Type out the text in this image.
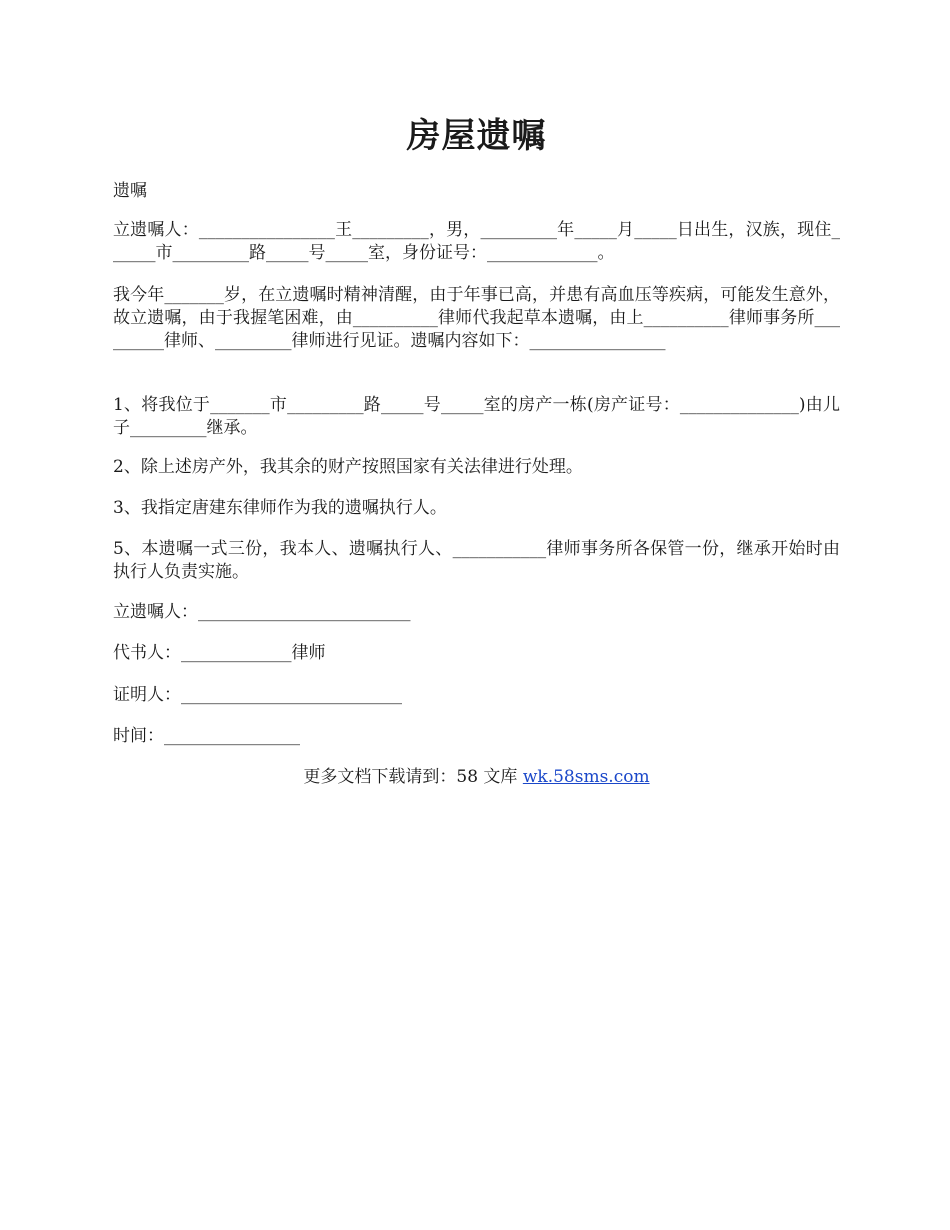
房屋遗嘱
遗嘱
立遗嘱人：________________王_________，男，_________年_____月_____日出生，汉族，现住______市_________路_____号_____室，身份证号：_____________。
我今年_______岁，在立遗嘱时精神清醒，由于年事已高，并患有高血压等疾病，可能发生意外，故立遗嘱，由于我握笔困难，由__________律师代我起草本遗嘱，由上__________律师事务所_________律师、_________律师进行见证。遗嘱内容如下：________________
1、将我位于_______市_________路_____号_____室的房产一栋(房产证号：______________)由儿子_________继承。
2、除上述房产外，我其余的财产按照国家有关法律进行处理。
3、我指定唐建东律师作为我的遗嘱执行人。
5、本遗嘱一式三份，我本人、遗嘱执行人、___________律师事务所各保管一份，继承开始时由执行人负责实施。
立遗嘱人：_________________________
代书人：_____________律师
证明人：__________________________
时间：________________
更多文档下载请到：58 文库 wk.58sms.com
